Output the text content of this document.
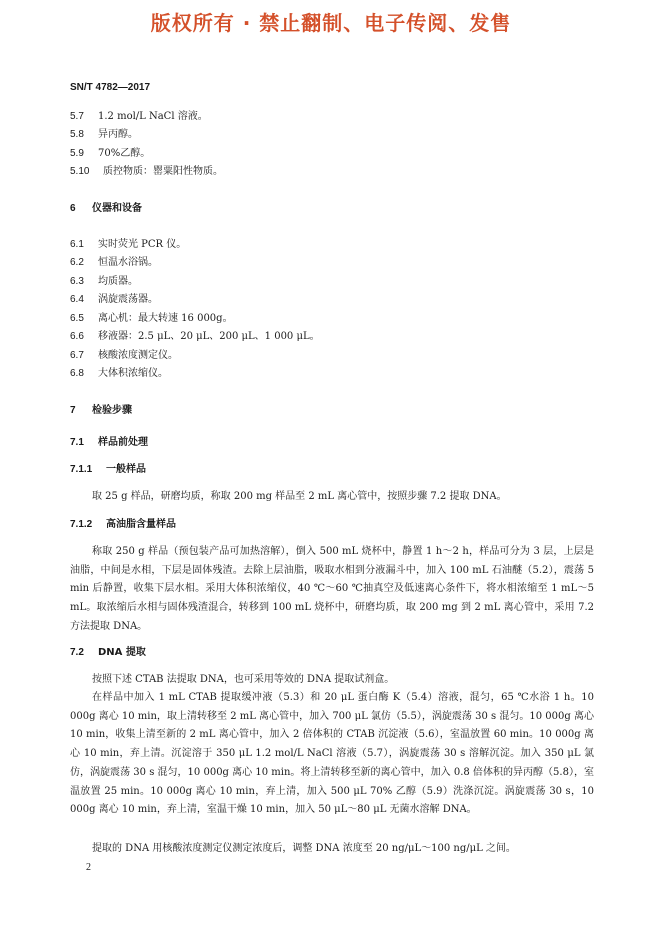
版权所有 · 禁止翻制、电子传阅、发售
SN/T 4782—2017
5.7 1.2 mol/L NaCl 溶液。
5.8 异丙醇。
5.9 70%乙醇。
5.10 质控物质：罂粟阳性物质。
6 仪器和设备
6.1 实时荧光 PCR 仪。
6.2 恒温水浴锅。
6.3 均质器。
6.4 涡旋震荡器。
6.5 离心机：最大转速 16 000g。
6.6 移液器：2.5 μL、20 μL、200 μL、1 000 μL。
6.7 核酸浓度测定仪。
6.8 大体积浓缩仪。
7 检验步骤
7.1 样品前处理
7.1.1 一般样品
取 25 g 样品，研磨均质，称取 200 mg 样品至 2 mL 离心管中，按照步骤 7.2 提取 DNA。
7.1.2 高油脂含量样品
称取 250 g 样品（预包装产品可加热溶解），倒入 500 mL 烧杯中，静置 1 h～2 h，样品可分为 3 层，上层是油脂，中间是水相，下层是固体残渣。去除上层油脂，吸取水相到分液漏斗中，加入 100 mL 石油醚（5.2），震荡 5 min 后静置，收集下层水相。采用大体积浓缩仪，40 ℃～60 ℃抽真空及低速离心条件下，将水相浓缩至 1 mL～5 mL。取浓缩后水相与固体残渣混合，转移到 100 mL 烧杯中，研磨均质，取 200 mg 到 2 mL 离心管中，采用 7.2 方法提取 DNA。
7.2 DNA 提取
按照下述 CTAB 法提取 DNA，也可采用等效的 DNA 提取试剂盒。
在样品中加入 1 mL CTAB 提取缓冲液（5.3）和 20 μL 蛋白酶 K（5.4）溶液，混匀，65 ℃水浴 1 h。10 000g 离心 10 min，取上清转移至 2 mL 离心管中，加入 700 μL 氯仿（5.5），涡旋震荡 30 s 混匀。10 000g 离心 10 min，收集上清至新的 2 mL 离心管中，加入 2 倍体积的 CTAB 沉淀液（5.6），室温放置 60 min。10 000g 离心 10 min，弃上清。沉淀溶于 350 μL 1.2 mol/L NaCl 溶液（5.7），涡旋震荡 30 s 溶解沉淀。加入 350 μL 氯仿，涡旋震荡 30 s 混匀，10 000g 离心 10 min。将上清转移至新的离心管中，加入 0.8 倍体积的异丙醇（5.8），室温放置 25 min。10 000g 离心 10 min，弃上清，加入 500 μL 70% 乙醇（5.9）洗涤沉淀。涡旋震荡 30 s，10 000g 离心 10 min，弃上清，室温干燥 10 min，加入 50 μL～80 μL 无菌水溶解 DNA。
提取的 DNA 用核酸浓度测定仪测定浓度后，调整 DNA 浓度至 20 ng/μL～100 ng/μL 之间。
2
